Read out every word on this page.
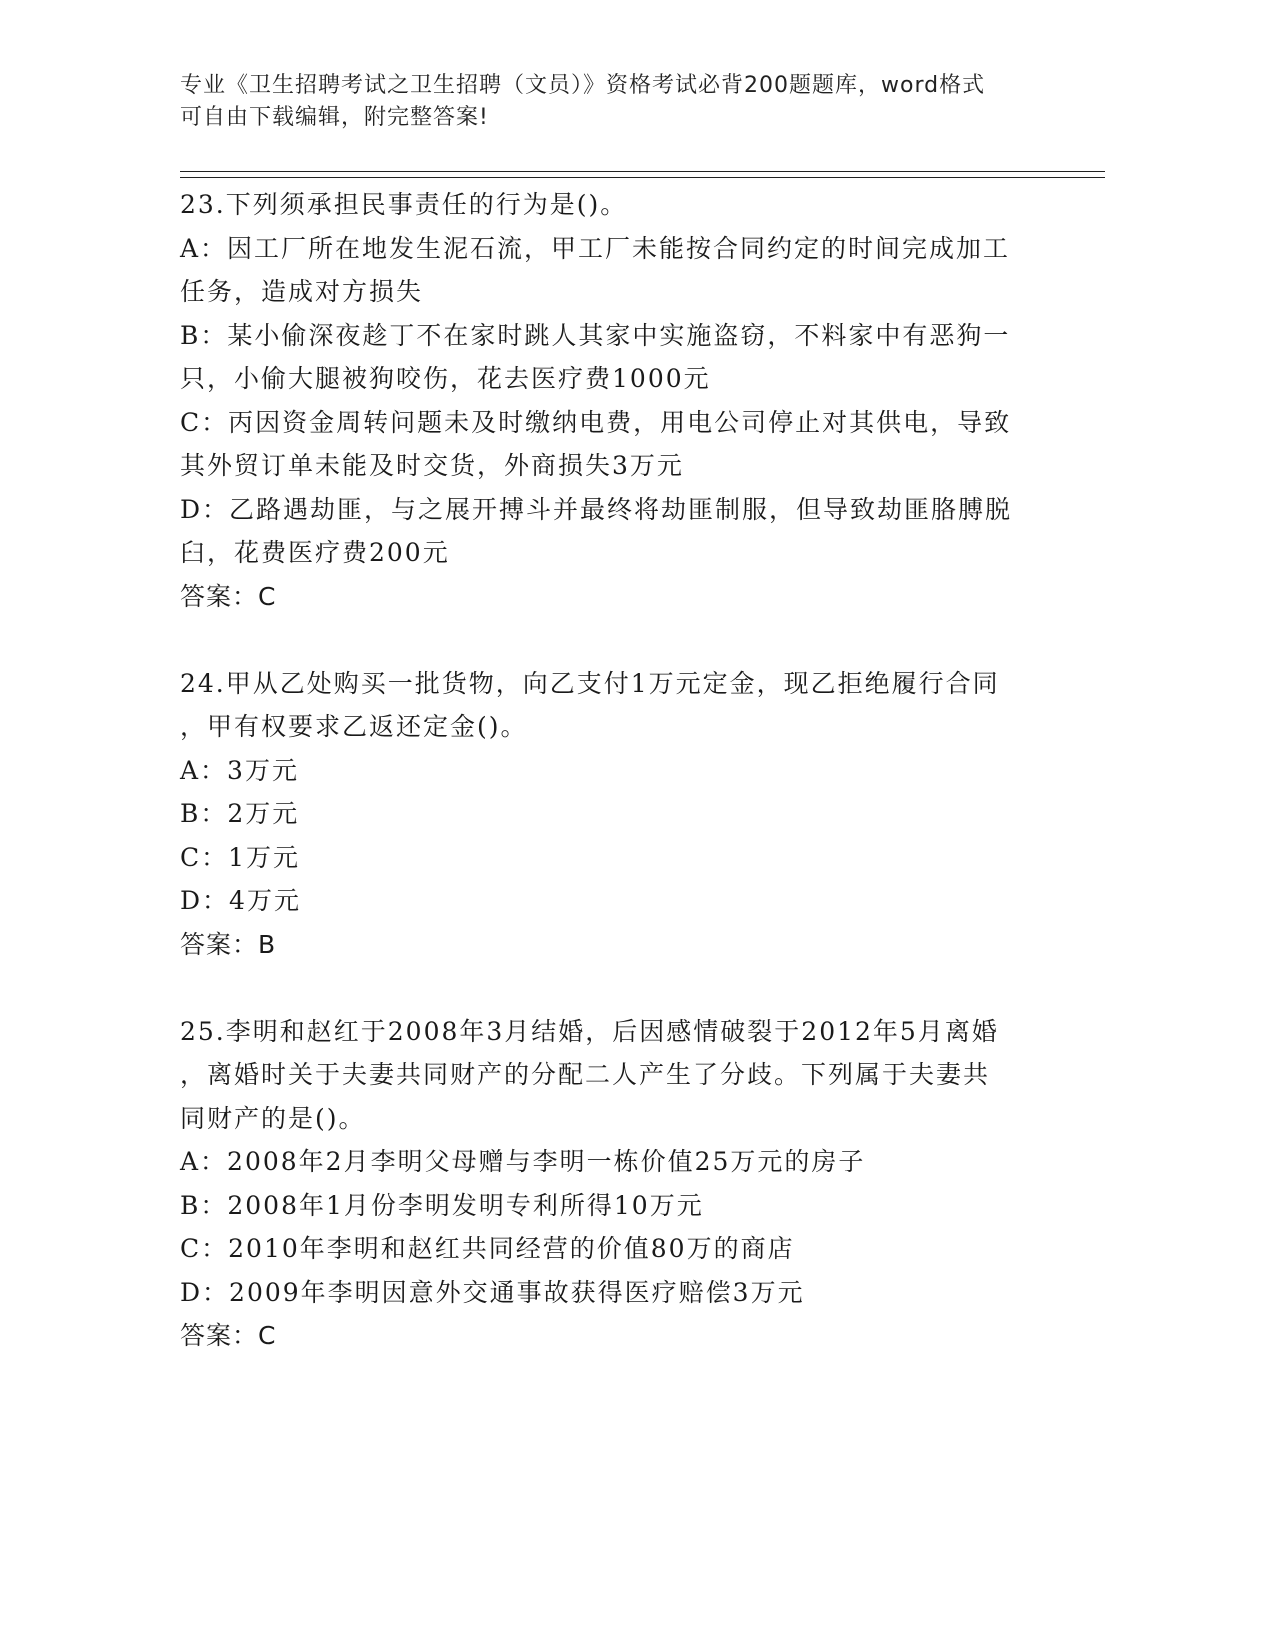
专业《卫生招聘考试之卫生招聘（文员）》资格考试必背200题题库，word格式
可自由下载编辑，附完整答案!
23.下列须承担民事责任的行为是()。
A：因工厂所在地发生泥石流，甲工厂未能按合同约定的时间完成加工
任务，造成对方损失
B：某小偷深夜趁丁不在家时跳人其家中实施盗窃，不料家中有恶狗一
只，小偷大腿被狗咬伤，花去医疗费1000元
C：丙因资金周转问题未及时缴纳电费，用电公司停止对其供电，导致
其外贸订单未能及时交货，外商损失3万元
D：乙路遇劫匪，与之展开搏斗并最终将劫匪制服，但导致劫匪胳膊脱
臼，花费医疗费200元
答案：C
24.甲从乙处购买一批货物，向乙支付1万元定金，现乙拒绝履行合同
，甲有权要求乙返还定金()。
A：3万元
B：2万元
C：1万元
D：4万元
答案：B
25.李明和赵红于2008年3月结婚，后因感情破裂于2012年5月离婚
，离婚时关于夫妻共同财产的分配二人产生了分歧。下列属于夫妻共
同财产的是()。
A：2008年2月李明父母赠与李明一栋价值25万元的房子
B：2008年1月份李明发明专利所得10万元
C：2010年李明和赵红共同经营的价值80万的商店
D：2009年李明因意外交通事故获得医疗赔偿3万元
答案：C
